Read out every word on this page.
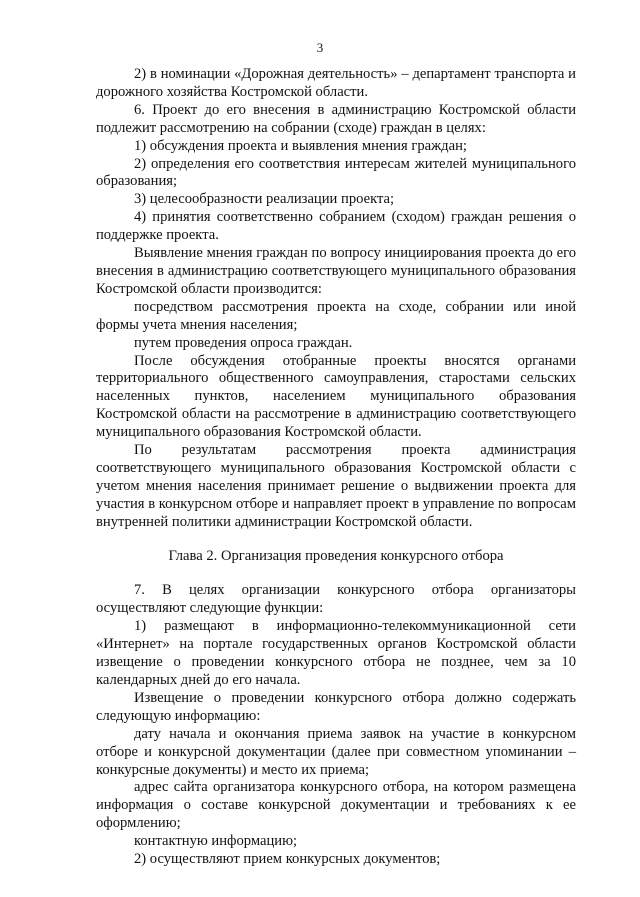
3

2) в номинации «Дорожная деятельность» – департамент транспорта и дорожного хозяйства Костромской области.

6. Проект до его внесения в администрацию Костромской области подлежит рассмотрению на собрании (сходе) граждан в целях:

1) обсуждения проекта и выявления мнения граждан;

2) определения его соответствия интересам жителей муниципального образования;

3) целесообразности реализации проекта;

4) принятия соответственно собранием (сходом) граждан решения о поддержке проекта.

Выявление мнения граждан по вопросу инициирования проекта до его внесения в администрацию соответствующего муниципального образования Костромской области производится:

посредством рассмотрения проекта на сходе, собрании или иной формы учета мнения населения;

путем проведения опроса граждан.

После обсуждения отобранные проекты вносятся органами территориального общественного самоуправления, старостами сельских населенных пунктов, населением муниципального образования Костромской области на рассмотрение в администрацию соответствующего муниципального образования Костромской области.

По результатам рассмотрения проекта администрация соответствующего муниципального образования Костромской области с учетом мнения населения принимает решение о выдвижении проекта для участия в конкурсном отборе и направляет проект в управление по вопросам внутренней политики администрации Костромской области.

Глава 2. Организация проведения конкурсного отбора

7. В целях организации конкурсного отбора организаторы осуществляют следующие функции:

1) размещают в информационно-телекоммуникационной сети «Интернет» на портале государственных органов Костромской области извещение о проведении конкурсного отбора не позднее, чем за 10 календарных дней до его начала.

Извещение о проведении конкурсного отбора должно содержать следующую информацию:

дату начала и окончания приема заявок на участие в конкурсном отборе и конкурсной документации (далее при совместном упоминании – конкурсные документы) и место их приема;

адрес сайта организатора конкурсного отбора, на котором размещена информация о составе конкурсной документации и требованиях к ее оформлению;

контактную информацию;

2) осуществляют прием конкурсных документов;
